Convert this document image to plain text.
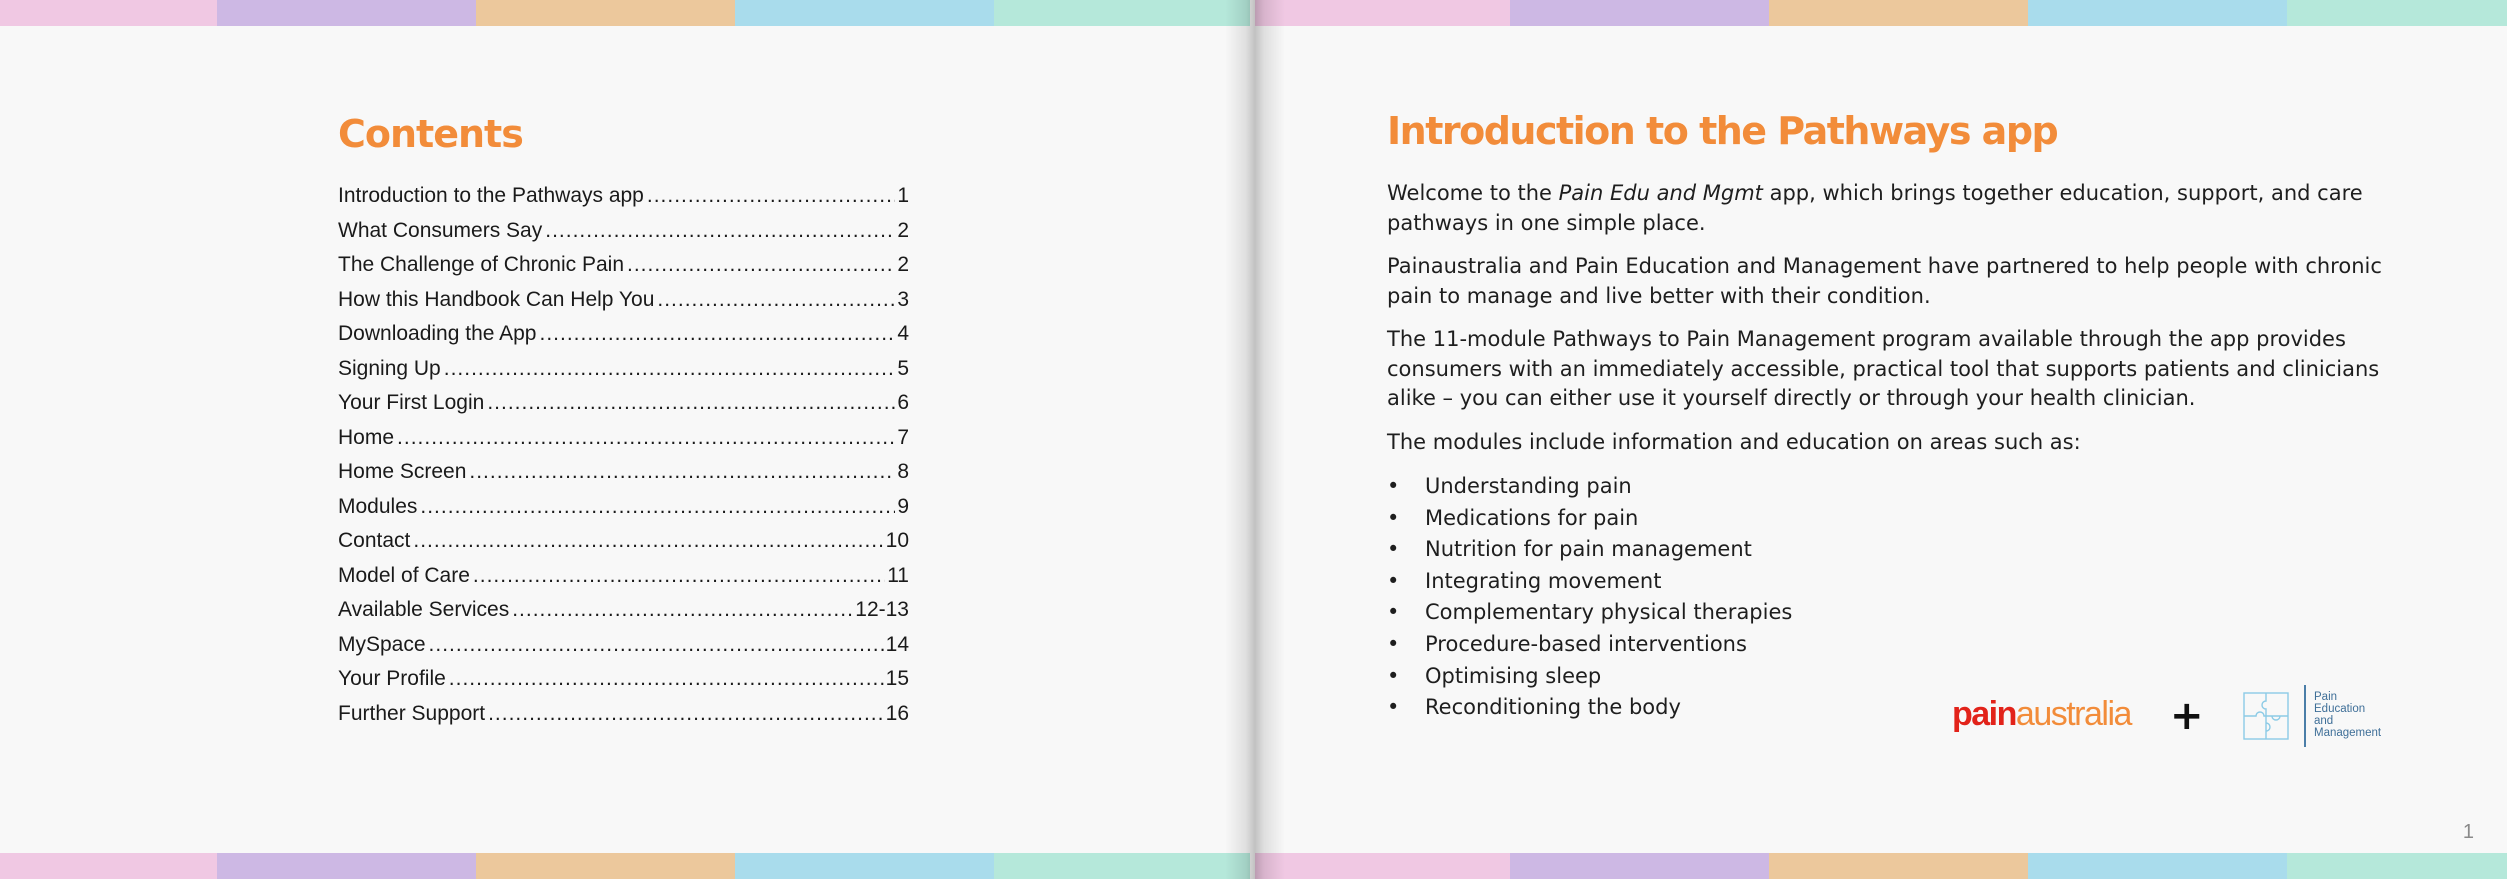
Contents
Introduction to the Pathways app .....	1
What Consumers Say .....	2
The Challenge of Chronic Pain .....	2
How this Handbook Can Help You .....	3
Downloading the App .....	4
Signing Up .....	5
Your First Login .....	6
Home .....	7
Home Screen .....	8
Modules .....	9
Contact .....	10
Model of Care .....	11
Available Services .....	12-13
MySpace .....	14
Your Profile .....	15
Further Support .....	16
Introduction to the Pathways app

Welcome to the Pain Edu and Mgmt app, which brings together education, support, and care pathways in one simple place.

Painaustralia and Pain Education and Management have partnered to help people with chronic pain to manage and live better with their condition.

The 11-module Pathways to Pain Management program available through the app provides consumers with an immediately accessible, practical tool that supports patients and clinicians alike – you can either use it yourself directly or through your health clinician.

The modules include information and education on areas such as:

•	Understanding pain
•	Medications for pain
•	Nutrition for pain management
•	Integrating movement
•	Complementary physical therapies
•	Procedure-based interventions
•	Optimising sleep
•	Reconditioning the body	painaustralia +	Pain
Education
and
Management
1
